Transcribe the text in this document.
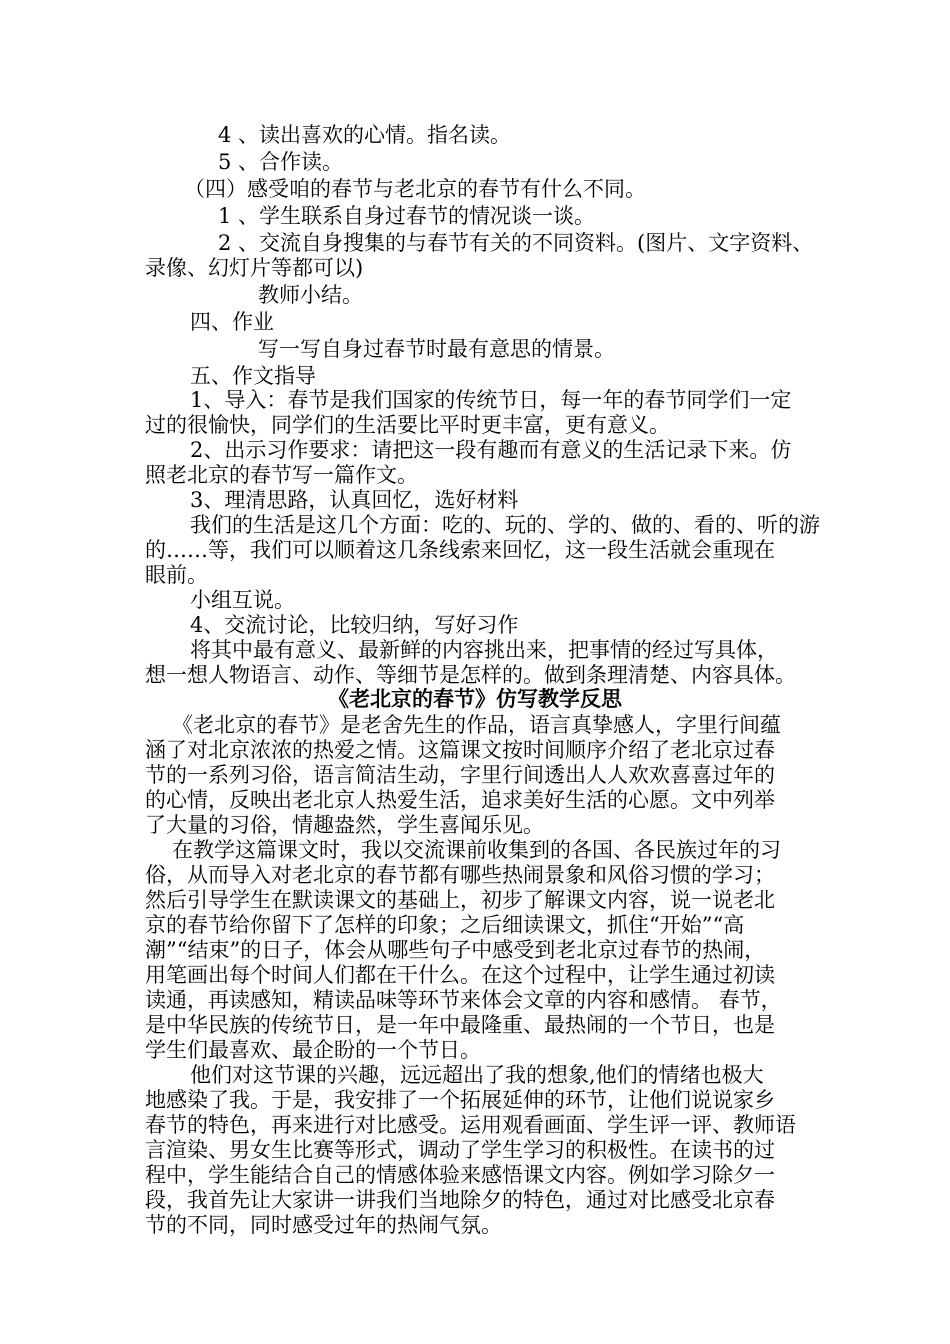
4 、读出喜欢的心情。指名读。
5 、合作读。
（四）感受咱的春节与老北京的春节有什么不同。
1 、学生联系自身过春节的情况谈一谈。
2 、交流自身搜集的与春节有关的不同资料。(图片、文字资料、
录像、幻灯片等都可以)
教师小结。
四、作业
写一写自身过春节时最有意思的情景。
五、作文指导
1、导入：春节是我们国家的传统节日，每一年的春节同学们一定
过的很愉快，同学们的生活要比平时更丰富，更有意义。
2、出示习作要求：请把这一段有趣而有意义的生活记录下来。仿
照老北京的春节写一篇作文。
3、理清思路，认真回忆，选好材料
我们的生活是这几个方面：吃的、玩的、学的、做的、看的、听的游
的……等，我们可以顺着这几条线索来回忆，这一段生活就会重现在
眼前。
小组互说。
4、交流讨论，比较归纳，写好习作
将其中最有意义、最新鲜的内容挑出来，把事情的经过写具体，
想一想人物语言、动作、等细节是怎样的。做到条理清楚、内容具体。
《老北京的春节》仿写教学反思
《老北京的春节》是老舍先生的作品，语言真挚感人，字里行间蕴
涵了对北京浓浓的热爱之情。这篇课文按时间顺序介绍了老北京过春
节的一系列习俗，语言简洁生动，字里行间透出人人欢欢喜喜过年的
的心情，反映出老北京人热爱生活，追求美好生活的心愿。文中列举
了大量的习俗，情趣盎然，学生喜闻乐见。
在教学这篇课文时，我以交流课前收集到的各国、各民族过年的习
俗，从而导入对老北京的春节都有哪些热闹景象和风俗习惯的学习；
然后引导学生在默读课文的基础上，初步了解课文内容，说一说老北
京的春节给你留下了怎样的印象；之后细读课文，抓住“开始”“高
潮”“结束”的日子，体会从哪些句子中感受到老北京过春节的热闹，
用笔画出每个时间人们都在干什么。在这个过程中，让学生通过初读
读通，再读感知，精读品味等环节来体会文章的内容和感情。 春节，
是中华民族的传统节日，是一年中最隆重、最热闹的一个节日，也是
学生们最喜欢、最企盼的一个节日。
他们对这节课的兴趣，远远超出了我的想象,他们的情绪也极大
地感染了我。于是，我安排了一个拓展延伸的环节，让他们说说家乡
春节的特色，再来进行对比感受。运用观看画面、学生评一评、教师语
言渲染、男女生比赛等形式，调动了学生学习的积极性。在读书的过
程中，学生能结合自己的情感体验来感悟课文内容。例如学习除夕一
段，我首先让大家讲一讲我们当地除夕的特色，通过对比感受北京春
节的不同，同时感受过年的热闹气氛。
